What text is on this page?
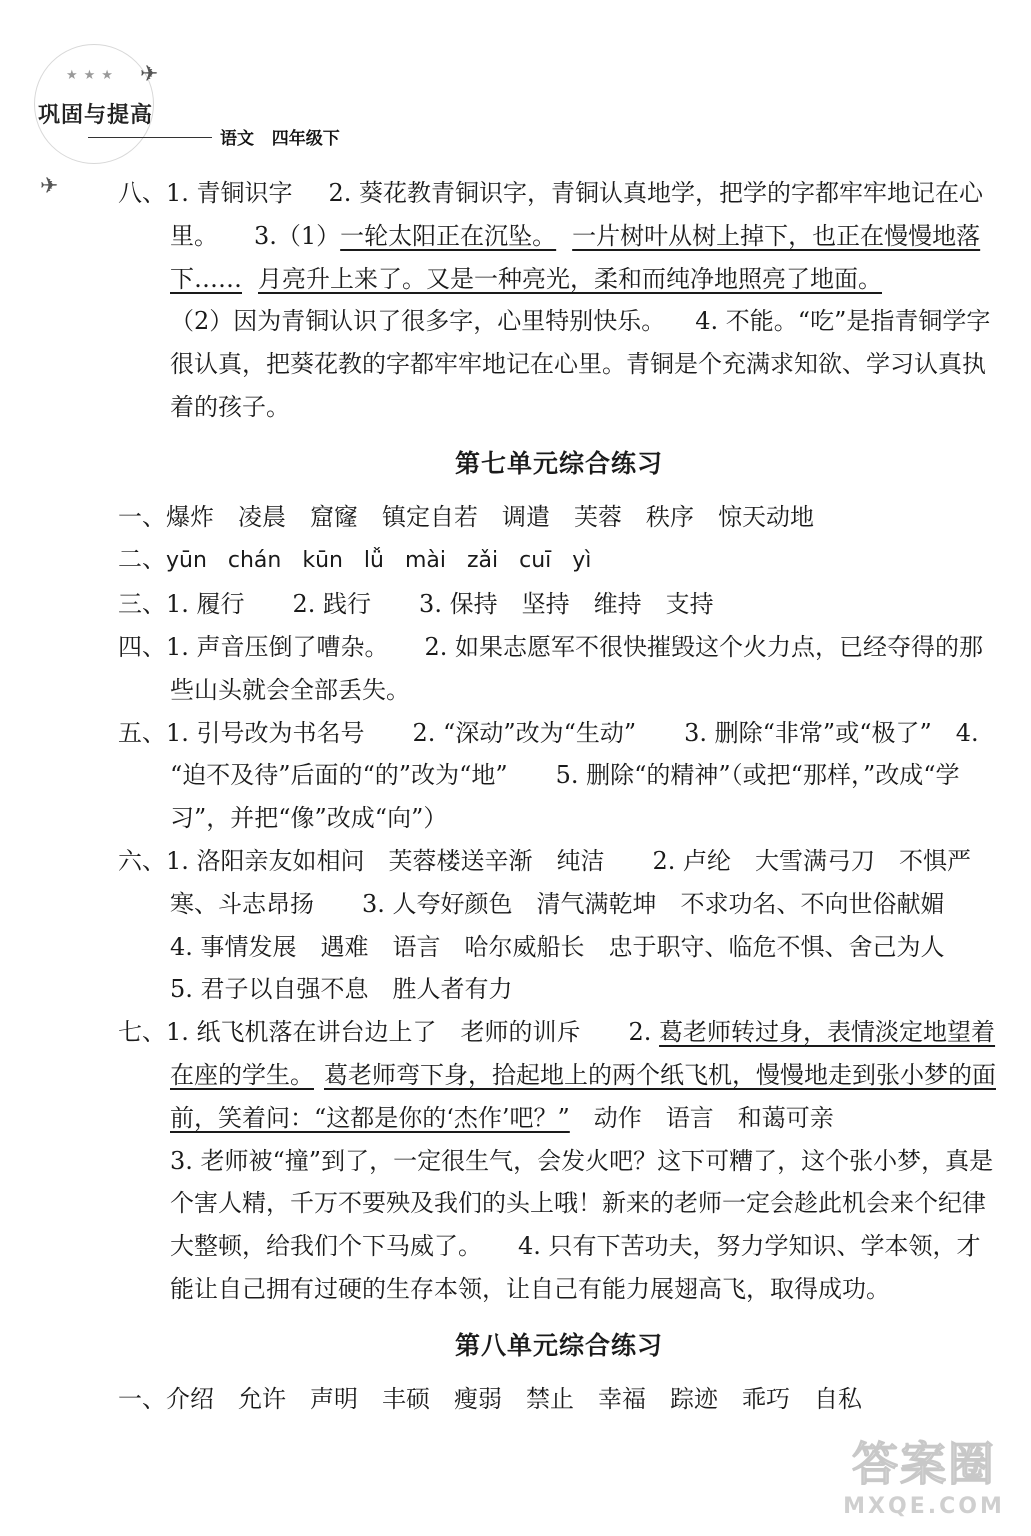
★★★ ✈
巩固与提高
语文   四年级下
✈ 八、1. 青铜识字 2. 葵花教青铜识字，青铜认真地学，把学的字都牢牢地记在心里。 3.（1）一轮太阳正在沉坠。 一片树叶从树上掉下，也正在慢慢地落下…… 月亮升上来了。又是一种亮光，柔和而纯净地照亮了地面。
（2）因为青铜认识了很多字，心里特别快乐。 4. 不能。“吃”是指青铜学字很认真，把葵花教的字都牢牢地记在心里。青铜是个充满求知欲、学习认真执着的孩子。

第七单元综合练习

一、爆炸　凌晨　窟窿　镇定自若　调遣　芙蓉　秩序　惊天动地

二、yūn   chán   kūn   lǚ   mài   zǎi   cuī   yì

三、1. 履行　　2. 践行　　3. 保持　坚持　维持　支持

四、1. 声音压倒了嘈杂。　　2. 如果志愿军不很快摧毁这个火力点，已经夺得的那些山头就会全部丢失。

五、1. 引号改为书名号　　2. “深动”改为“生动”　　3. 删除“非常”或“极了”　4. “迫不及待”后面的“的”改为“地”　　5. 删除“的精神”（或把“那样，”改成“学习”，并把“像”改成“向”）

六、1. 洛阳亲友如相问　芙蓉楼送辛渐　纯洁　　2. 卢纶　大雪满弓刀　不惧严寒、斗志昂扬　　3. 人夸好颜色　清气满乾坤　不求功名、不向世俗献媚　　4. 事情发展　遇难　语言　哈尔威船长　忠于职守、临危不惧、舍己为人　　5. 君子以自强不息　胜人者有力

七、1. 纸飞机落在讲台边上了　老师的训斥　　2. 葛老师转过身，表情淡定地望着在座的学生。 葛老师弯下身，拾起地上的两个纸飞机，慢慢地走到张小梦的面前，笑着问：“这都是你的‘杰作’吧？”　动作　语言　和蔼可亲
3. 老师被“撞”到了，一定很生气，会发火吧？这下可糟了，这个张小梦，真是个害人精，千万不要殃及我们的头上哦！新来的老师一定会趁此机会来个纪律大整顿，给我们个下马威了。　　4. 只有下苦功夫，努力学知识、学本领，才能让自己拥有过硬的生存本领，让自己有能力展翅高飞，取得成功。

第八单元综合练习

一、介绍　允许　声明　丰硕　瘦弱　禁止　幸福　踪迹　乖巧　自私

答案圈
MXQE.COM
